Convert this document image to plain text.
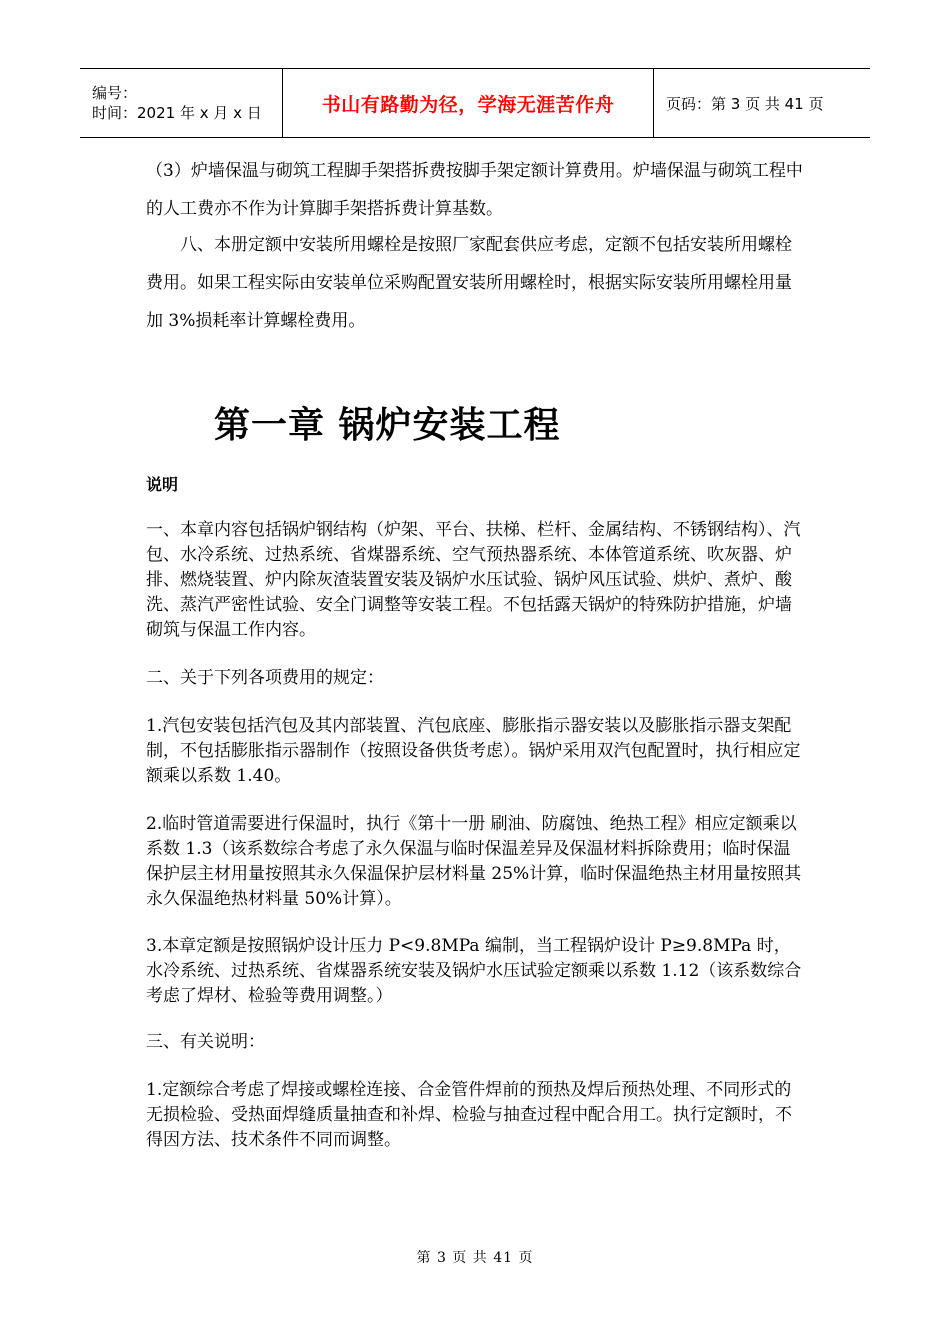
编号：
时间：2021 年 x 月 x 日	书山有路勤为径，学海无涯苦作舟	页码：第 3 页 共 41 页

（3）炉墙保温与砌筑工程脚手架搭拆费按脚手架定额计算费用。炉墙保温与砌筑工程中的人工费亦不作为计算脚手架搭拆费计算基数。

八、本册定额中安装所用螺栓是按照厂家配套供应考虑，定额不包括安装所用螺栓费用。如果工程实际由安装单位采购配置安装所用螺栓时，根据实际安装所用螺栓用量加 3%损耗率计算螺栓费用。

第一章 锅炉安装工程
说明

一、本章内容包括锅炉钢结构（炉架、平台、扶梯、栏杆、金属结构、不锈钢结构）、汽包、水冷系统、过热系统、省煤器系统、空气预热器系统、本体管道系统、吹灰器、炉排、燃烧装置、炉内除灰渣装置安装及锅炉水压试验、锅炉风压试验、烘炉、煮炉、酸洗、蒸汽严密性试验、安全门调整等安装工程。不包括露天锅炉的特殊防护措施，炉墙砌筑与保温工作内容。

二、关于下列各项费用的规定：

1.汽包安装包括汽包及其内部装置、汽包底座、膨胀指示器安装以及膨胀指示器支架配制，不包括膨胀指示器制作（按照设备供货考虑）。锅炉采用双汽包配置时，执行相应定额乘以系数 1.40。

2.临时管道需要进行保温时，执行《第十一册 刷油、防腐蚀、绝热工程》相应定额乘以系数 1.3（该系数综合考虑了永久保温与临时保温差异及保温材料拆除费用；临时保温保护层主材用量按照其永久保温保护层材料量 25%计算，临时保温绝热主材用量按照其永久保温绝热材料量 50%计算）。

3.本章定额是按照锅炉设计压力 P<9.8MPa 编制，当工程锅炉设计 P≥9.8MPa 时，水冷系统、过热系统、省煤器系统安装及锅炉水压试验定额乘以系数 1.12（该系数综合考虑了焊材、检验等费用调整。）

三、有关说明：

1.定额综合考虑了焊接或螺栓连接、合金管件焊前的预热及焊后预热处理、不同形式的无损检验、受热面焊缝质量抽查和补焊、检验与抽查过程中配合用工。执行定额时，不得因方法、技术条件不同而调整。

第 3 页 共 41 页
